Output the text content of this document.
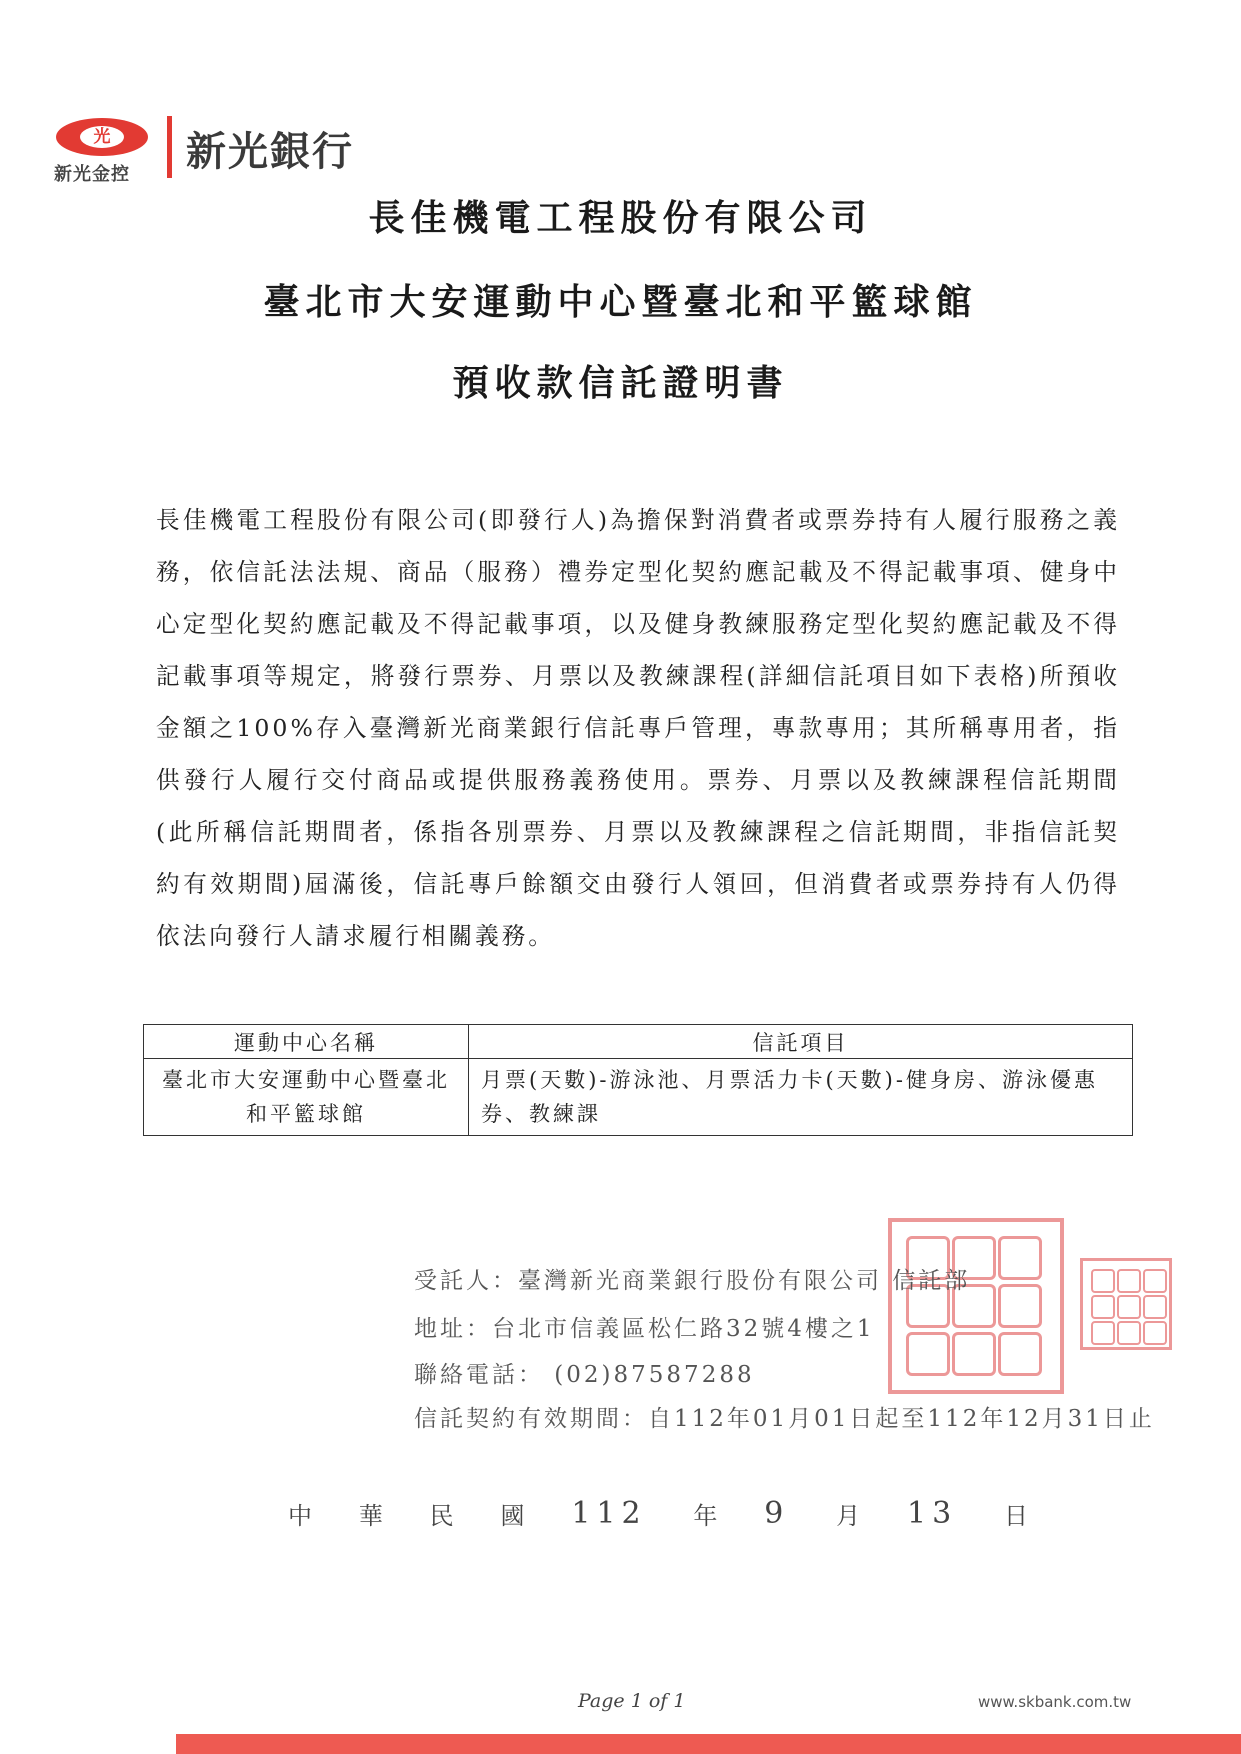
光
新光金控 新光銀行
長佳機電工程股份有限公司
臺北市大安運動中心暨臺北和平籃球館
預收款信託證明書
長佳機電工程股份有限公司(即發行人)為擔保對消費者或票券持有人履行服務之義務，依信託法法規、商品（服務）禮券定型化契約應記載及不得記載事項、健身中心定型化契約應記載及不得記載事項，以及健身教練服務定型化契約應記載及不得記載事項等規定，將發行票券、月票以及教練課程(詳細信託項目如下表格)所預收金額之100%存入臺灣新光商業銀行信託專戶管理，專款專用；其所稱專用者，指供發行人履行交付商品或提供服務義務使用。票券、月票以及教練課程信託期間(此所稱信託期間者，係指各別票券、月票以及教練課程之信託期間，非指信託契約有效期間)屆滿後，信託專戶餘額交由發行人領回，但消費者或票券持有人仍得依法向發行人請求履行相關義務。
運動中心名稱	信託項目
臺北市大安運動中心暨臺北和平籃球館	月票(天數)-游泳池、月票活力卡(天數)-健身房、游泳優惠券、教練課
受託人：臺灣新光商業銀行股份有限公司 信託部
地址：台北市信義區松仁路32號4樓之1
聯絡電話： (02)87587288
信託契約有效期間：自112年01月01日起至112年12月31日止
中 華 民 國 112 年 9 月 13 日
Page 1 of 1	www.skbank.com.tw
